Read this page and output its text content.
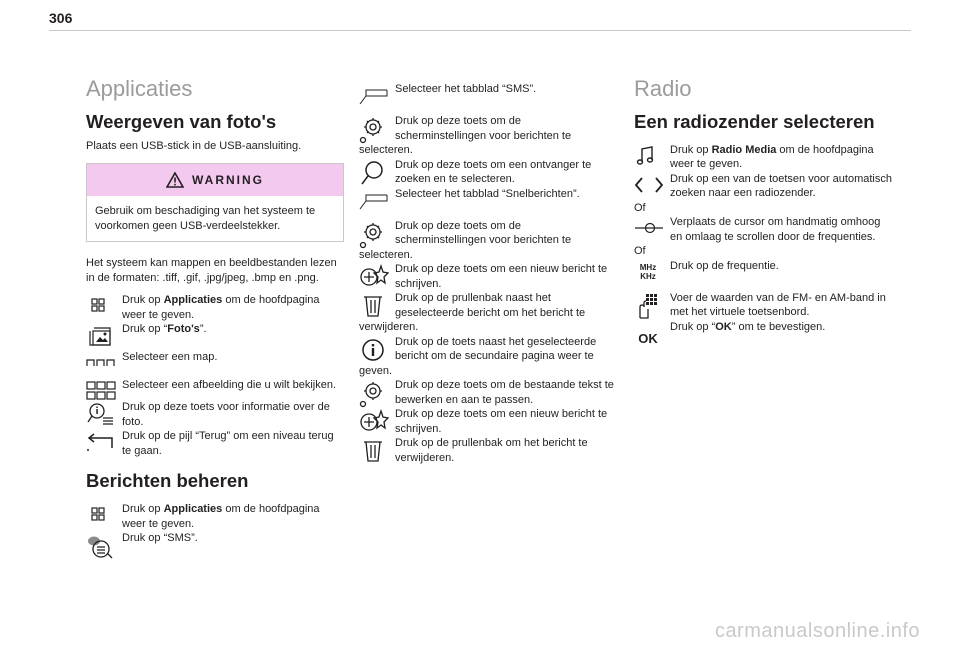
306
Applicaties
Weergeven van foto's
Plaats een USB-stick in de USB-aansluiting.
WARNING
Gebruik om beschadiging van het systeem te voorkomen geen USB-verdeelstekker.
Het systeem kan mappen en beeldbestanden lezen in de formaten: .tiff, .gif, .jpg/jpeg, .bmp en .png.
Druk op Applicaties om de hoofdpagina weer te geven.
Druk op “Foto's”.
Selecteer een map.
Selecteer een afbeelding die u wilt bekijken.
Druk op deze toets voor informatie over de foto.
Druk op de pijl “Terug” om een niveau terug te gaan.
Berichten beheren
Druk op Applicaties om de hoofdpagina weer te geven.
Druk op “SMS”.
Selecteer het tabblad “SMS”.
Druk op deze toets om de scherminstellingen voor berichten te selecteren.
Druk op deze toets om een ontvanger te zoeken en te selecteren.
Selecteer het tabblad “Snelberichten”.
Druk op deze toets om de scherminstellingen voor berichten te selecteren.
Druk op deze toets om een nieuw bericht te schrijven.
Druk op de prullenbak naast het geselecteerde bericht om het bericht te verwijderen.
Druk op de toets naast het geselecteerde bericht om de secundaire pagina weer te geven.
Druk op deze toets om de bestaande tekst te bewerken en aan te passen.
Druk op deze toets om een nieuw bericht te schrijven.
Druk op de prullenbak om het bericht te verwijderen.
Radio
Een radiozender selecteren
Druk op Radio Media om de hoofdpagina weer te geven.
Druk op een van de toetsen voor automatisch zoeken naar een radiozender.
Of
Verplaats de cursor om handmatig omhoog en omlaag te scrollen door de frequenties.
Of
MHz
KHz
Druk op de frequentie.
Voer de waarden van de FM- en AM-band in met het virtuele toetsenbord.
OK
Druk op “OK” om te bevestigen.
carmanualsonline.info
